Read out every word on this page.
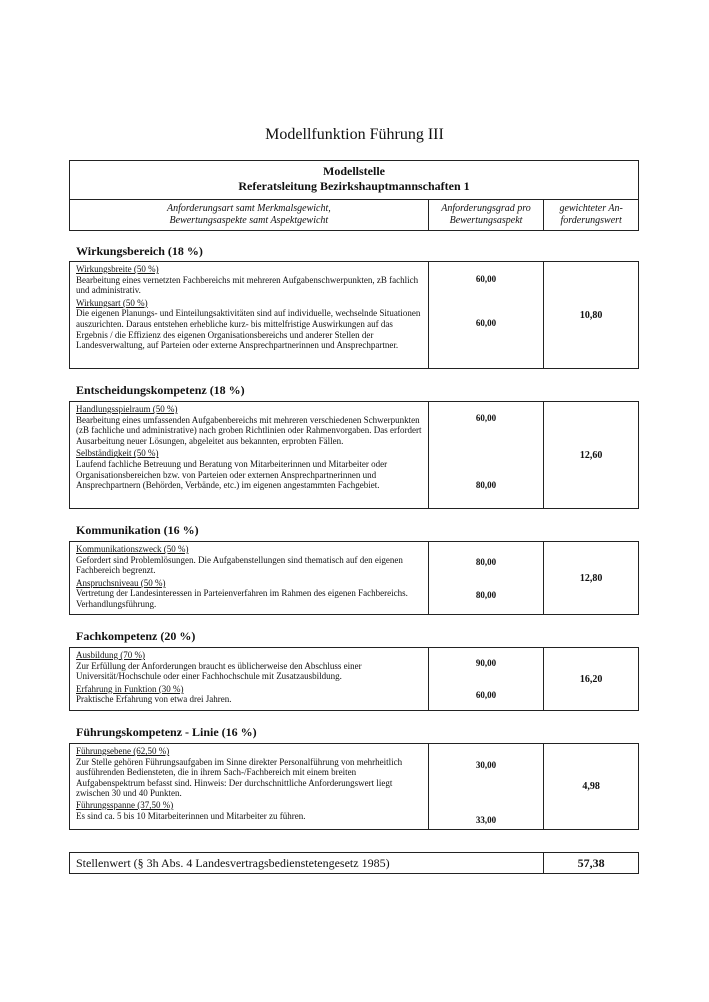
Modellfunktion Führung III
Modellstelle
Referatsleitung Bezirkshauptmannschaften 1
Anforderungsart samt Merkmalsgewicht,
Bewertungsaspekte samt Aspektgewicht
Anforderungsgrad pro
Bewertungsaspekt
gewichteter An-
forderungswert
Wirkungsbereich (18 %)
Wirkungsbreite (50 %)
Bearbeitung eines vernetzten Fachbereichs mit mehreren Aufgabenschwerpunkten, zB fachlich und administrativ.
Wirkungsart (50 %)
Die eigenen Planungs- und Einteilungsaktivitäten sind auf individuelle, wechselnde Situationen auszurichten. Daraus entstehen erhebliche kurz- bis mittelfristige Auswirkungen auf das Ergebnis / die Effizienz des eigenen Organisationsbereichs und anderer Stellen der Landesverwaltung, auf Parteien oder externe Ansprechpartnerinnen und Ansprechpartner.
60,00
60,00
10,80
Entscheidungskompetenz (18 %)
Handlungsspielraum (50 %)
Bearbeitung eines umfassenden Aufgabenbereichs mit mehreren verschiedenen Schwerpunkten (zB fachliche und administrative) nach groben Richtlinien oder Rahmenvorgaben. Das erfordert Ausarbeitung neuer Lösungen, abgeleitet aus bekannten, erprobten Fällen.
Selbständigkeit (50 %)
Laufend fachliche Betreuung und Beratung von Mitarbeiterinnen und Mitarbeiter oder Organisationsbereichen bzw. von Parteien oder externen Ansprechpartnerinnen und Ansprechpartnern (Behörden, Verbände, etc.) im eigenen angestammten Fachgebiet.
60,00
80,00
12,60
Kommunikation (16 %)
Kommunikationszweck (50 %)
Gefordert sind Problemlösungen. Die Aufgabenstellungen sind thematisch auf den eigenen Fachbereich begrenzt.
Anspruchsniveau (50 %)
Vertretung der Landesinteressen in Parteienverfahren im Rahmen des eigenen Fachbereichs. Verhandlungsführung.
80,00
80,00
12,80
Fachkompetenz (20 %)
Ausbildung (70 %)
Zur Erfüllung der Anforderungen braucht es üblicherweise den Abschluss einer Universität/Hochschule oder einer Fachhochschule mit Zusatzausbildung.
Erfahrung in Funktion (30 %)
Praktische Erfahrung von etwa drei Jahren.
90,00
60,00
16,20
Führungskompetenz - Linie (16 %)
Führungsebene (62,50 %)
Zur Stelle gehören Führungsaufgaben im Sinne direkter Personalführung von mehrheitlich ausführenden Bediensteten, die in ihrem Sach-/Fachbereich mit einem breiten Aufgabenspektrum befasst sind. Hinweis: Der durchschnittliche Anforderungswert liegt zwischen 30 und 40 Punkten.
Führungsspanne (37,50 %)
Es sind ca. 5 bis 10 Mitarbeiterinnen und Mitarbeiter zu führen.
30,00
33,00
4,98
Stellenwert (§ 3h Abs. 4 Landesvertragsbedienstetengesetz 1985)	57,38
